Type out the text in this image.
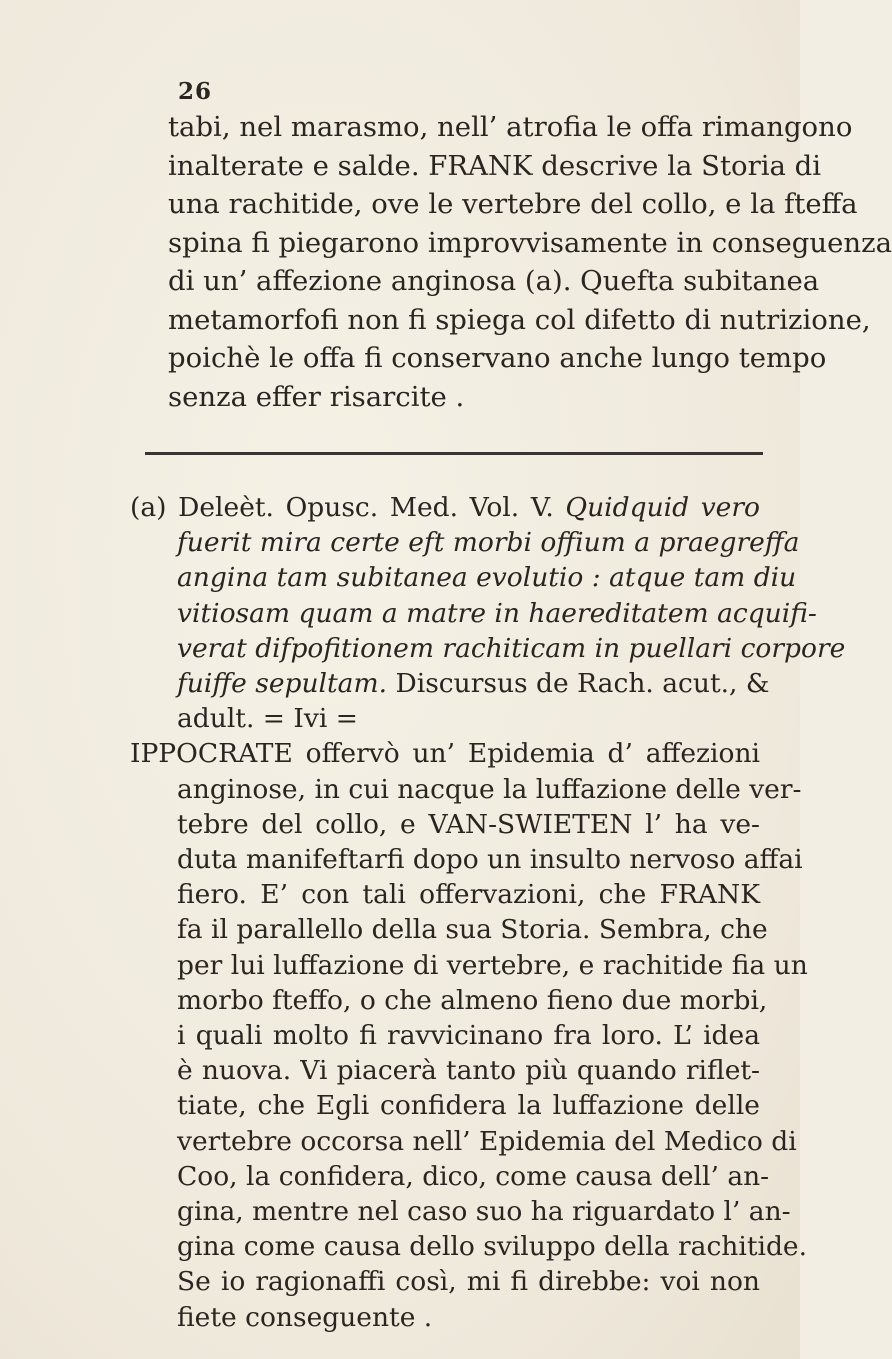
26
tabi, nel marasmo, nell’ atrofia le offa rimangono
inalterate e salde. FRANK descrive la Storia di
una rachitide, ove le vertebre del collo, e la fteffa
spina fi piegarono improvvisamente in conseguenza
di un’ affezione anginosa (a). Quefta subitanea
metamorfofi non fi spiega col difetto di nutrizione,
poichè le offa fi conservano anche lungo tempo
senza effer risarcite .
(a) Deleѐt. Opusc. Med. Vol. V. Quidquid vero
fuerit mira certe eft morbi offium a praegreffa
angina tam subitanea evolutio : atque tam diu
vitiosam quam a matre in haereditatem acquifi-
verat difpofitionem rachiticam in puellari corpore
fuiffe sepultam. Discursus de Rach. acut., &
adult. = Ivi =
IPPOCRATE offervò un’ Epidemia d’ affezioni
anginose, in cui nacque la luffazione delle ver-
tebre del collo, e VAN-SWIETEN l’ ha ve-
duta manifeftarfi dopo un insulto nervoso affai
fiero. E’ con tali offervazioni, che FRANK
fa il parallello della sua Storia. Sembra, che
per lui luffazione di vertebre, e rachitide fia un
morbo fteffo, o che almeno fieno due morbi,
i quali molto fi ravvicinano fra loro. L’ idea
è nuova. Vi piacerà tanto più quando riflet-
tiate, che Egli confidera la luffazione delle
vertebre occorsa nell’ Epidemia del Medico di
Coo, la confidera, dico, come causa dell’ an-
gina, mentre nel caso suo ha riguardato l’ an-
gina come causa dello sviluppo della rachitide.
Se io ragionaffi così, mi fi direbbe: voi non
fiete conseguente .
